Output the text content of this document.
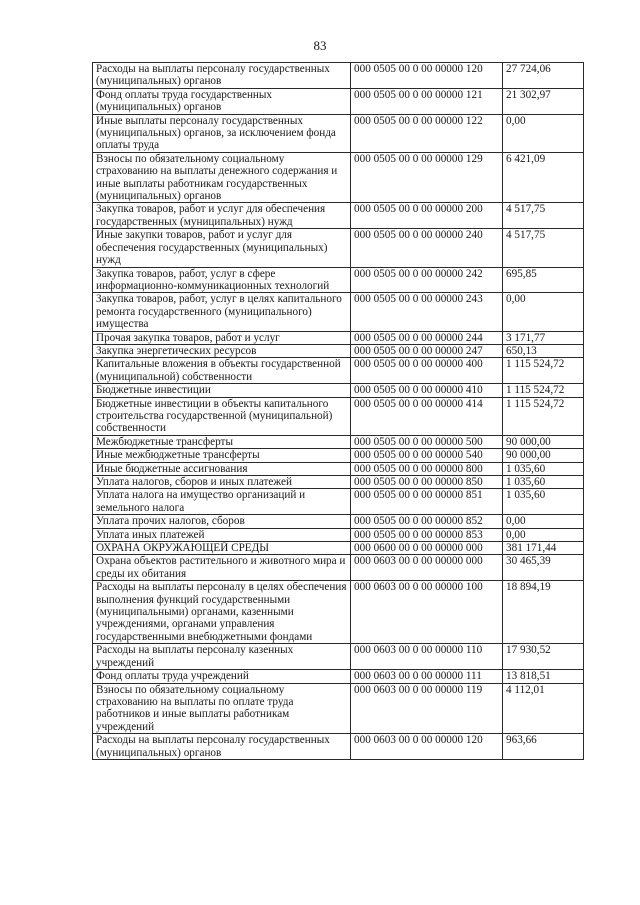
83
Расходы на выплаты персоналу государственных (муниципальных) органов	000 0505 00 0 00 00000 120	27 724,06
Фонд оплаты труда государственных (муниципальных) органов	000 0505 00 0 00 00000 121	21 302,97
Иные выплаты персоналу государственных (муниципальных) органов, за исключением фонда оплаты труда	000 0505 00 0 00 00000 122	0,00
Взносы по обязательному социальному страхованию на выплаты денежного содержания и иные выплаты работникам государственных (муниципальных) органов	000 0505 00 0 00 00000 129	6 421,09
Закупка товаров, работ и услуг для обеспечения государственных (муниципальных) нужд	000 0505 00 0 00 00000 200	4 517,75
Иные закупки товаров, работ и услуг для обеспечения государственных (муниципальных) нужд	000 0505 00 0 00 00000 240	4 517,75
Закупка товаров, работ, услуг в сфере информационно-коммуникационных технологий	000 0505 00 0 00 00000 242	695,85
Закупка товаров, работ, услуг в целях капитального ремонта государственного (муниципального) имущества	000 0505 00 0 00 00000 243	0,00
Прочая закупка товаров, работ и услуг	000 0505 00 0 00 00000 244	3 171,77
Закупка энергетических ресурсов	000 0505 00 0 00 00000 247	650,13
Капитальные вложения в объекты государственной (муниципальной) собственности	000 0505 00 0 00 00000 400	1 115 524,72
Бюджетные инвестиции	000 0505 00 0 00 00000 410	1 115 524,72
Бюджетные инвестиции в объекты капитального строительства государственной (муниципальной) собственности	000 0505 00 0 00 00000 414	1 115 524,72
Межбюджетные трансферты	000 0505 00 0 00 00000 500	90 000,00
Иные межбюджетные трансферты	000 0505 00 0 00 00000 540	90 000,00
Иные бюджетные ассигнования	000 0505 00 0 00 00000 800	1 035,60
Уплата налогов, сборов и иных платежей	000 0505 00 0 00 00000 850	1 035,60
Уплата налога на имущество организаций и земельного налога	000 0505 00 0 00 00000 851	1 035,60
Уплата прочих налогов, сборов	000 0505 00 0 00 00000 852	0,00
Уплата иных платежей	000 0505 00 0 00 00000 853	0,00
ОХРАНА ОКРУЖАЮЩЕЙ СРЕДЫ	000 0600 00 0 00 00000 000	381 171,44
Охрана объектов растительного и животного мира и среды их обитания	000 0603 00 0 00 00000 000	30 465,39
Расходы на выплаты персоналу в целях обеспечения выполнения функций государственными (муниципальными) органами, казенными учреждениями, органами управления государственными внебюджетными фондами	000 0603 00 0 00 00000 100	18 894,19
Расходы на выплаты персоналу казенных учреждений	000 0603 00 0 00 00000 110	17 930,52
Фонд оплаты труда учреждений	000 0603 00 0 00 00000 111	13 818,51
Взносы по обязательному социальному страхованию на выплаты по оплате труда работников и иные выплаты работникам учреждений	000 0603 00 0 00 00000 119	4 112,01
Расходы на выплаты персоналу государственных (муниципальных) органов	000 0603 00 0 00 00000 120	963,66
